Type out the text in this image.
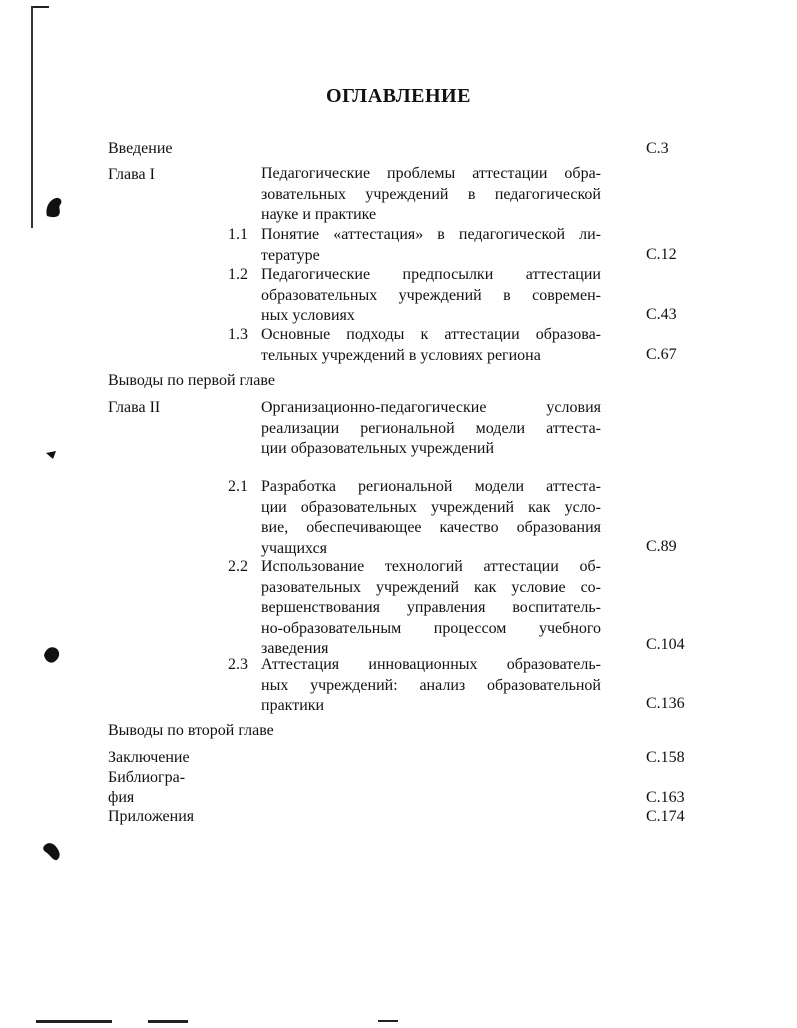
ОГЛАВЛЕНИЕ
Введение	С.3
Глава I	Педагогические проблемы аттестации обра-
зовательных учреждений в педагогической
науке и практике
1.1 Понятие «аттестация» в педагогической ли-
тературе	С.12
1.2 Педагогические предпосылки аттестации
образовательных учреждений в современ-
ных условиях	С.43
1.3 Основные подходы к аттестации образова-
тельных учреждений в условиях региона	С.67
Выводы по первой главе
Глава II	Организационно-педагогические условия
реализации региональной модели аттеста-
ции образовательных учреждений
2.1 Разработка региональной модели аттеста-
ции образовательных учреждений как усло-
вие, обеспечивающее качество образования
учащихся	С.89
2.2 Использование технологий аттестации об-
разовательных учреждений как условие со-
вершенствования управления воспитатель-
но-образовательным процессом учебного
заведения	С.104
2.3 Аттестация инновационных образователь-
ных учреждений: анализ образовательной
практики	С.136
Выводы по второй главе
Заключение	С.158
Библиогра-
фия	С.163
Приложения	С.174
